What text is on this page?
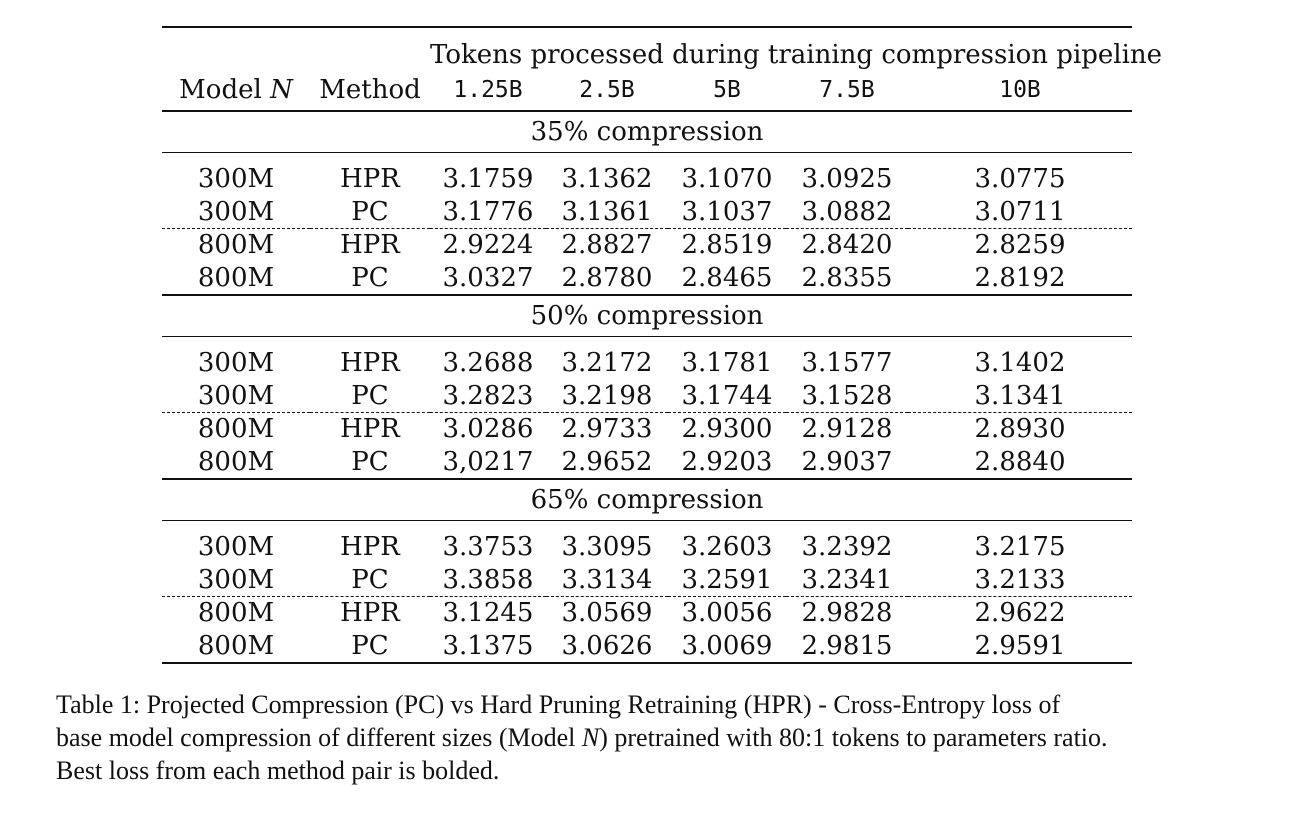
		Tokens processed during training compression pipeline				
Model N	Method	1.25B	2.5B	5B	7.5B	10B
35% compression						
300M	HPR	3.1759	3.1362	3.1070	3.0925	3.0775
300M	PC	3.1776	3.1361	3.1037	3.0882	3.0711
800M	HPR	2.9224	2.8827	2.8519	2.8420	2.8259
800M	PC	3.0327	2.8780	2.8465	2.8355	2.8192
50% compression						
300M	HPR	3.2688	3.2172	3.1781	3.1577	3.1402
300M	PC	3.2823	3.2198	3.1744	3.1528	3.1341
800M	HPR	3.0286	2.9733	2.9300	2.9128	2.8930
800M	PC	3,0217	2.9652	2.9203	2.9037	2.8840
65% compression						
300M	HPR	3.3753	3.3095	3.2603	3.2392	3.2175
300M	PC	3.3858	3.3134	3.2591	3.2341	3.2133
800M	HPR	3.1245	3.0569	3.0056	2.9828	2.9622
800M	PC	3.1375	3.0626	3.0069	2.9815	2.9591
Table 1: Projected Compression (PC) vs Hard Pruning Retraining (HPR) - Cross-Entropy loss of
base model compression of different sizes (Model N) pretrained with 80:1 tokens to parameters ratio.
Best loss from each method pair is bolded.
